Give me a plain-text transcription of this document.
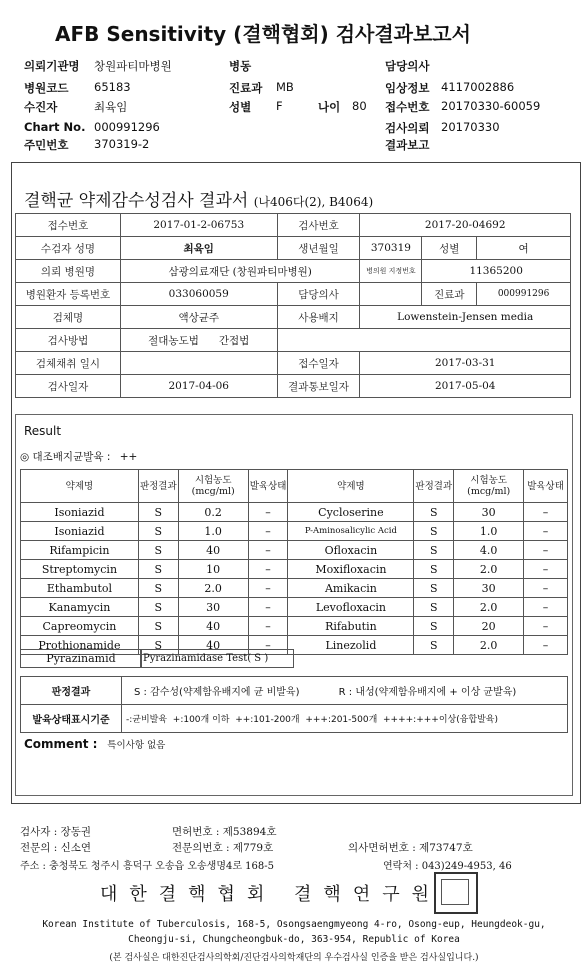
AFB Sensitivity (결핵협회) 검사결과보고서
의뢰기관명 창원파티마병원	병동	담당의사
병원코드 65183	진료과 MB	임상정보 4117002886
수진자	최육임	성별 F	나이 80 접수번호 20170330-60059
Chart No. 000991296	검사의뢰 20170330
주민번호 370319-2	결과보고
결핵균 약제감수성검사 결과서 (나406다(2), B4064)
접수번호	2017-01-2-06753	검사번호	2017-20-04692		
수검자 성명	최육임	생년월일	370319	성별	여
의뢰 병원명	삼광의료재단 (창원파티마병원)		병의원 지정번호	11365200	
병원환자 등록번호	033060059	담당의사		진료과	000991296
검체명	액상균주	사용배지	Lowenstein-Jensen media		
검사방법	절대농도법 간접법				
검체채취 일시		접수일자	2017-03-31		
검사일자	2017-04-06	결과통보일자	2017-05-04		
Result
◎ 대조배지균발육 : ++
약제명	판정결과	시험농도(mcg/ml)	발육상태	약제명	판정결과	시험농도(mcg/ml)	발육상태
Isoniazid	S	0.2	–	Cycloserine	S	30	–
Isoniazid	S	1.0	–	P-Aminosalicylic Acid	S	1.0	–
Rifampicin	S	40	–	Ofloxacin	S	4.0	–
Streptomycin	S	10	–	Moxifloxacin	S	2.0	–
Ethambutol	S	2.0	–	Amikacin	S	30	–
Kanamycin	S	30	–	Levofloxacin	S	2.0	–
Capreomycin	S	40	–	Rifabutin	S	20	–
Prothionamide	S	40	–	Linezolid	S	2.0	–
Pyrazinamid	Pyrazinamidase Test( S )
판정결과	S : 감수성(약제함유배지에 균 비발육) R : 내성(약제함유배지에 + 이상 균발육)
발육상태표시기준	-:균비발육  +:100개 이하  ++:101-200개  +++:201-500개  ++++:+++이상(융합발육)
Comment : 특이사항 없음
검사자 : 장동권	면허번호 : 제53894호
전문의 : 신소연	전문의번호 : 제779호	의사면허번호 : 제73747호
주소 : 충청북도 청주시 흥덕구 오송읍 오송생명4로 168-5	연락처 : 043)249-4953, 46
대한결핵협회 결핵연구원
Korean Institute of Tuberculosis, 168-5, Osongsaengmyeong 4-ro, Osong-eup, Heungdeok-gu,
Cheongju-si, Chungcheongbuk-do, 363-954, Republic of Korea
(본 검사실은 대한진단검사의학회/진단검사의학재단의 우수검사실 인증을 받은 검사실입니다.)
